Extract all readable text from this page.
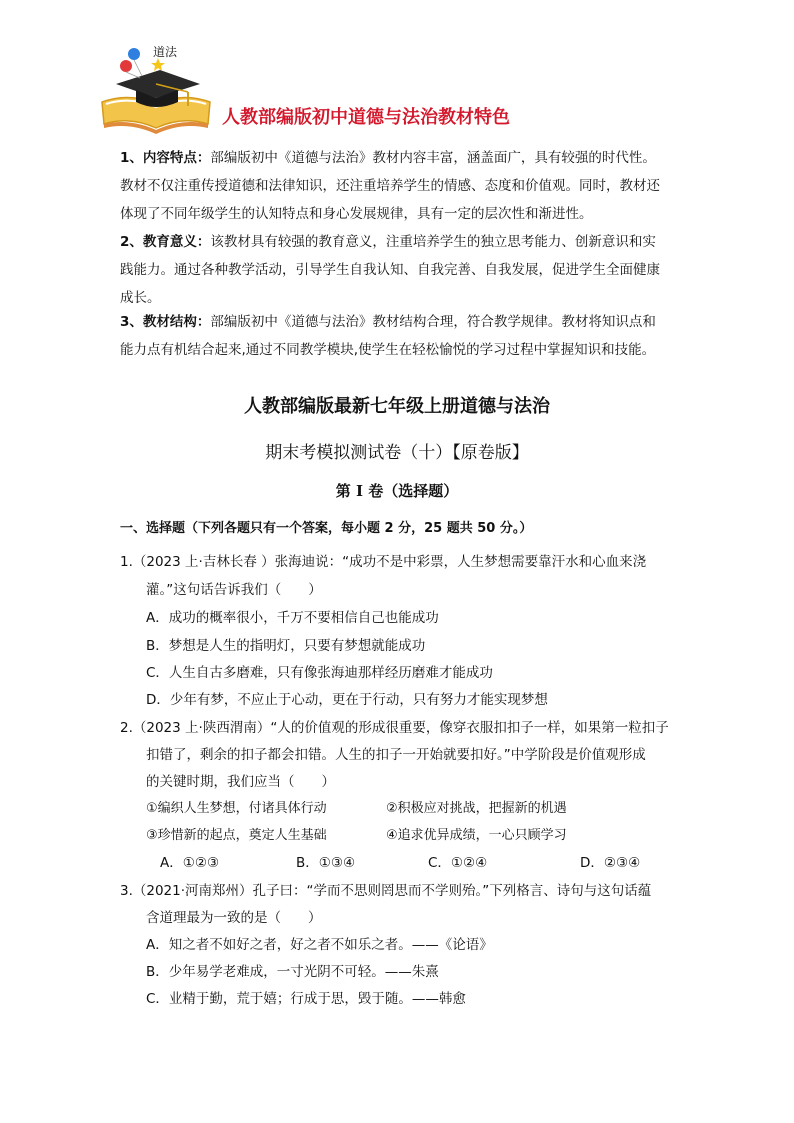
道法
人教部编版初中道德与法治教材特色
1、内容特点：部编版初中《道德与法治》教材内容丰富，涵盖面广，具有较强的时代性。
教材不仅注重传授道德和法律知识，还注重培养学生的情感、态度和价值观。同时，教材还
体现了不同年级学生的认知特点和身心发展规律，具有一定的层次性和渐进性。
2、教育意义：该教材具有较强的教育意义，注重培养学生的独立思考能力、创新意识和实
践能力。通过各种教学活动，引导学生自我认知、自我完善、自我发展，促进学生全面健康
成长。
3、教材结构：部编版初中《道德与法治》教材结构合理，符合教学规律。教材将知识点和
能力点有机结合起来,通过不同教学模块,使学生在轻松愉悦的学习过程中掌握知识和技能。
人教部编版最新七年级上册道德与法治
期末考模拟测试卷（十）【原卷版】
第 I 卷（选择题）
一、选择题（下列各题只有一个答案，每小题 2 分，25 题共 50 分。）
1.（2023 上·吉林长春 ）张海迪说：“成功不是中彩票，人生梦想需要靠汗水和心血来浇
灌。”这句话告诉我们（　　）
A．成功的概率很小，千万不要相信自己也能成功
B．梦想是人生的指明灯，只要有梦想就能成功
C．人生自古多磨难，只有像张海迪那样经历磨难才能成功
D．少年有梦，不应止于心动，更在于行动，只有努力才能实现梦想
2.（2023 上·陕西渭南）“人的价值观的形成很重要，像穿衣服扣扣子一样，如果第一粒扣子
扣错了，剩余的扣子都会扣错。人生的扣子一开始就要扣好。”中学阶段是价值观形成
的关键时期，我们应当（　　）
①编织人生梦想，付诸具体行动	②积极应对挑战，把握新的机遇
③珍惜新的起点，奠定人生基础	④追求优异成绩，一心只顾学习
A．①②③	B．①③④	C．①②④	D．②③④
3.（2021·河南郑州）孔子曰：“学而不思则罔思而不学则殆。”下列格言、诗句与这句话蕴
含道理最为一致的是（　　）
A．知之者不如好之者，好之者不如乐之者。——《论语》
B．少年易学老难成，一寸光阴不可轻。——朱熹
C．业精于勤，荒于嬉；行成于思，毁于随。——韩愈
